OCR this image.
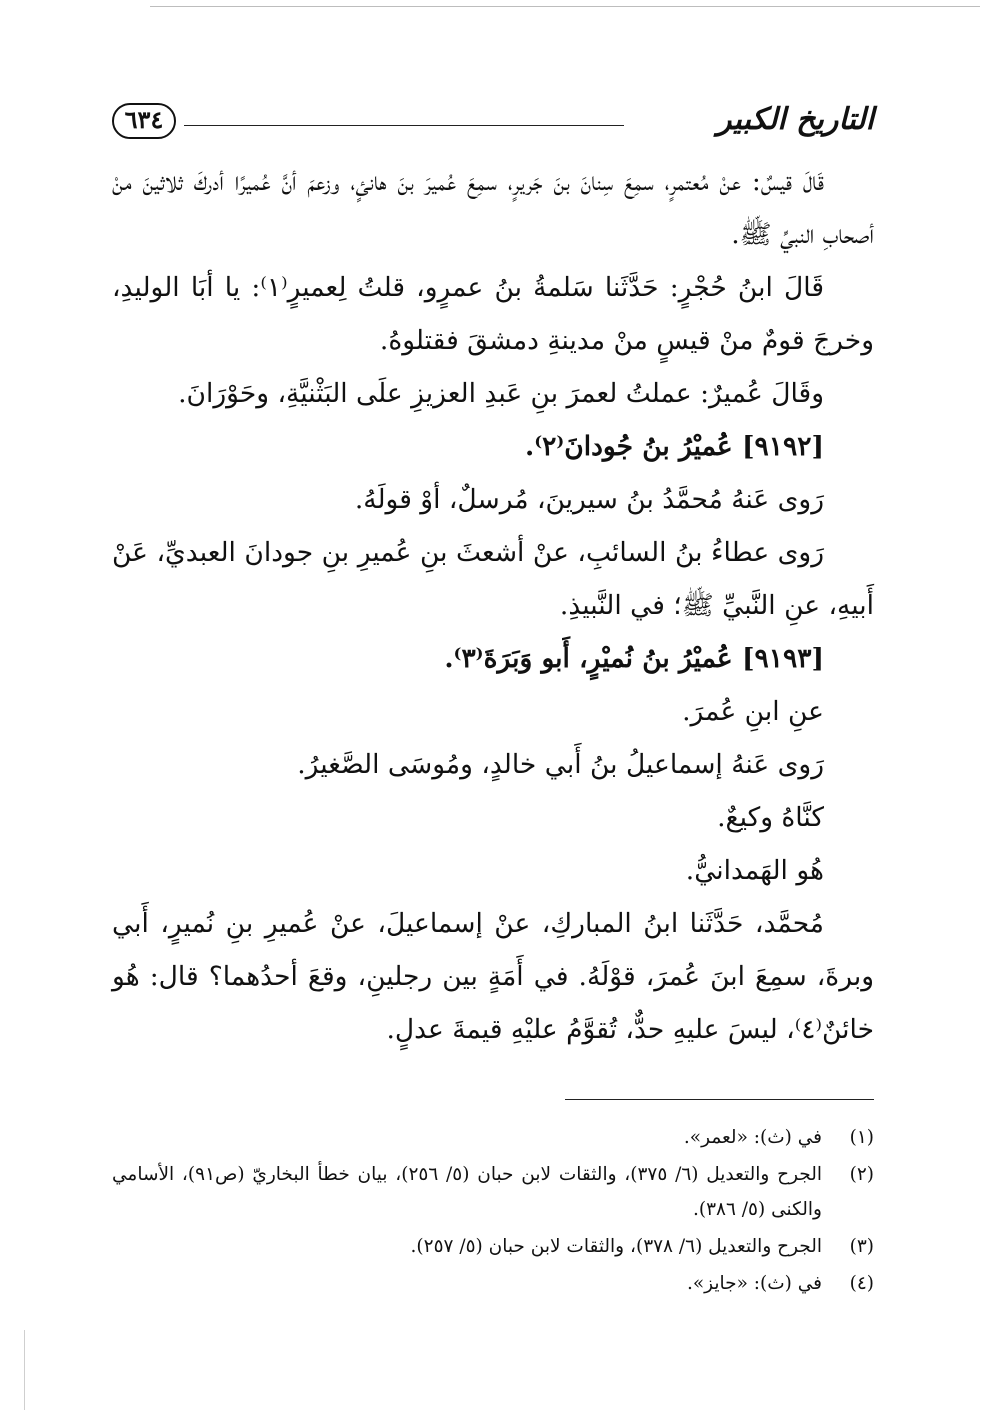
٦٣٤	التاريخ الكبير

قَالَ قيسٌ: عنْ مُعتمرٍ، سمِعَ سِنانَ بنَ جَريرٍ، سمِعَ عُميرَ بنَ هانئٍ، وزعمَ أنَّ عُميرًا أدركَ ثلاثينَ منْ أصحابِ النبيِّ ﷺ.

قَالَ ابنُ حُجْرٍ: حَدَّثَنا سَلمةُ بنُ عمرٍو، قلتُ لِعميرٍ⁽١⁾: يا أبَا الوليدِ، وخرجَ قومٌ منْ قيسٍ منْ مدينةِ دمشقَ فقتلوهُ.

وقَالَ عُميرٌ: عملتُ لعمرَ بنِ عَبدِ العزيزِ علَى البَثْنيَّةِ، وحَوْرَانَ.

[٩١٩٢] عُميْرُ بنُ جُودانَ⁽٢⁾.

رَوى عَنهُ مُحمَّدُ بنُ سيرينَ، مُرسلٌ، أوْ قولَهُ.

رَوى عطاءُ بنُ السائبِ، عنْ أشعثَ بنِ عُميرِ بنِ جودانَ العبديِّ، عَنْ أَبيهِ، عنِ النَّبيِّ ﷺ؛ في النَّبيذِ.

[٩١٩٣] عُميْرُ بنُ نُميْرٍ، أَبو وَبَرَةَ⁽٣⁾.

عنِ ابنِ عُمرَ.

رَوى عَنهُ إسماعيلُ بنُ أَبي خالدٍ، ومُوسَى الصَّغيرُ.

كنَّاهُ وكيعٌ.

هُو الهَمدانيُّ.

مُحمَّد، حَدَّثَنا ابنُ المباركِ، عنْ إسماعيلَ، عنْ عُميرِ بنِ نُميرٍ، أَبي وبرةَ، سمِعَ ابنَ عُمرَ، قوْلَهُ. في أَمَةٍ بين رجلينِ، وقعَ أحدُهما؟ قال: هُو خائنٌ⁽٤⁾، ليسَ عليهِ حدٌّ، تُقوَّمُ عليْهِ قيمةَ عدلٍ.

(١)
في (ث): «لعمر».

(٢)
الجرح والتعديل (٦/ ٣٧٥)، والثقات لابن حبان (٥/ ٢٥٦)، بيان خطأ البخاريّ (ص٩١)، الأسامي والكنى (٥/ ٣٨٦).

(٣)
الجرح والتعديل (٦/ ٣٧٨)، والثقات لابن حبان (٥/ ٢٥٧).

(٤)
في (ث): «جايز».
